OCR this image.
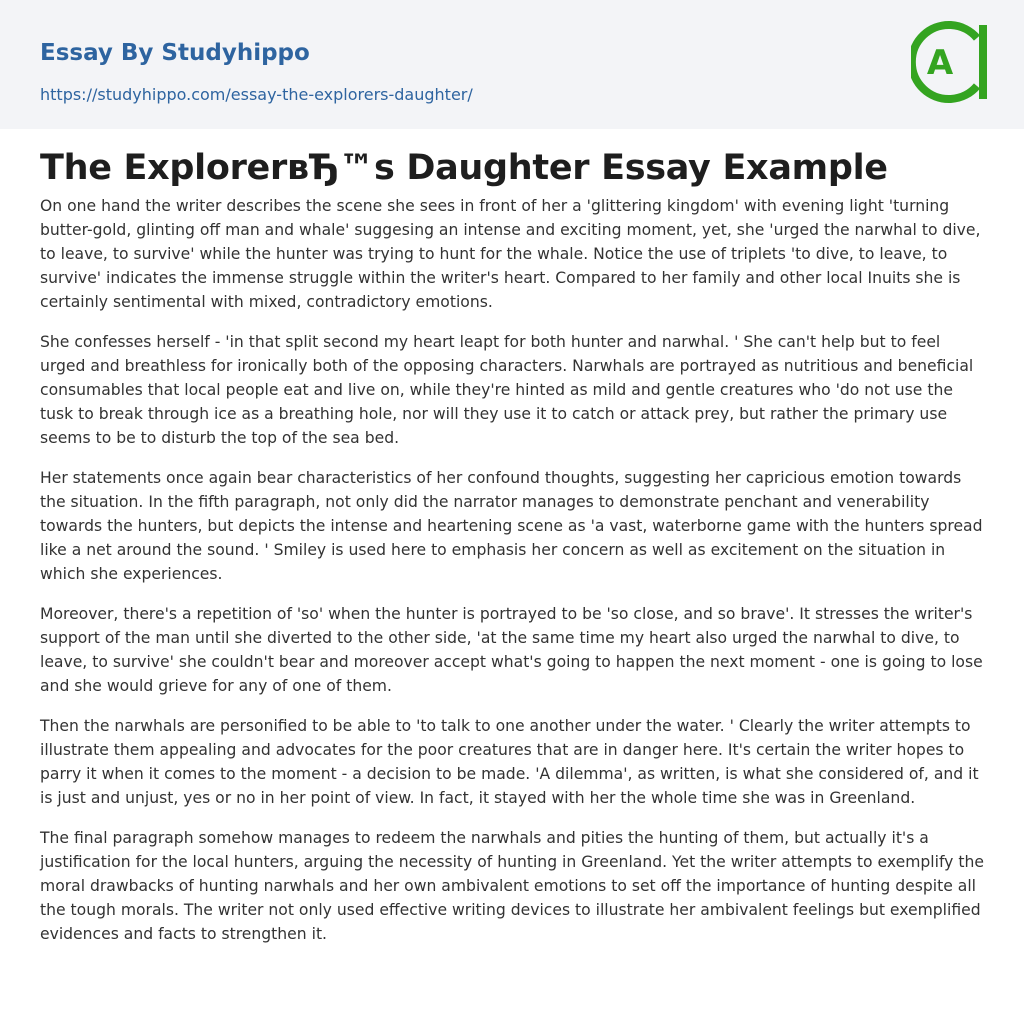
Essay By Studyhippo
https://studyhippo.com/essay-the-explorers-daughter/
A
The ExplorerвЂ™s Daughter Essay Example

On one hand the writer describes the scene she sees in front of her a 'glittering kingdom' with evening light 'turning butter-gold, glinting off man and whale' suggesing an intense and exciting moment, yet, she 'urged the narwhal to dive, to leave, to survive' while the hunter was trying to hunt for the whale. Notice the use of triplets 'to dive, to leave, to survive' indicates the immense struggle within the writer's heart. Compared to her family and other local Inuits she is certainly sentimental with mixed, contradictory emotions.

She confesses herself - 'in that split second my heart leapt for both hunter and narwhal. ' She can't help but to feel urged and breathless for ironically both of the opposing characters. Narwhals are portrayed as nutritious and beneficial consumables that local people eat and live on, while they're hinted as mild and gentle creatures who 'do not use the tusk to break through ice as a breathing hole, nor will they use it to catch or attack prey, but rather the primary use seems to be to disturb the top of the sea bed.

Her statements once again bear characteristics of her confound thoughts, suggesting her capricious emotion towards the situation. In the fifth paragraph, not only did the narrator manages to demonstrate penchant and venerability towards the hunters, but depicts the intense and heartening scene as 'a vast, waterborne game with the hunters spread like a net around the sound. ' Smiley is used here to emphasis her concern as well as excitement on the situation in which she experiences.

Moreover, there's a repetition of 'so' when the hunter is portrayed to be 'so close, and so brave'. It stresses the writer's support of the man until she diverted to the other side, 'at the same time my heart also urged the narwhal to dive, to leave, to survive' she couldn't bear and moreover accept what's going to happen the next moment - one is going to lose and she would grieve for any of one of them.

Then the narwhals are personified to be able to 'to talk to one another under the water. ' Clearly the writer attempts to illustrate them appealing and advocates for the poor creatures that are in danger here. It's certain the writer hopes to parry it when it comes to the moment - a decision to be made. 'A dilemma', as written, is what she considered of, and it is just and unjust, yes or no in her point of view. In fact, it stayed with her the whole time she was in Greenland.

The final paragraph somehow manages to redeem the narwhals and pities the hunting of them, but actually it's a justification for the local hunters, arguing the necessity of hunting in Greenland. Yet the writer attempts to exemplify the moral drawbacks of hunting narwhals and her own ambivalent emotions to set off the importance of hunting despite all the tough morals. The writer not only used effective writing devices to illustrate her ambivalent feelings but exemplified evidences and facts to strengthen it.
